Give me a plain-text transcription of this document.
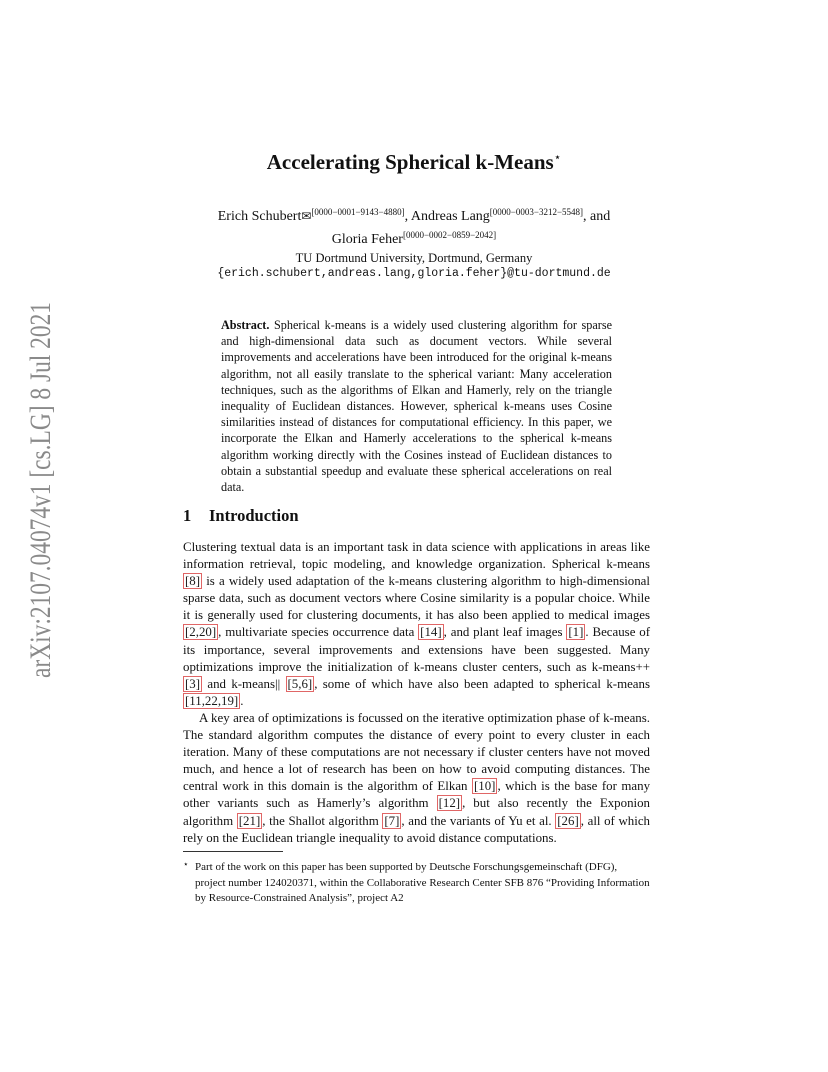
arXiv:2107.04074v1 [cs.LG] 8 Jul 2021
Accelerating Spherical k-Means⋆
Erich Schubert✉[0000−0001−9143−4880], Andreas Lang[0000−0003−3212−5548], and
Gloria Feher[0000−0002−0859−2042]
TU Dortmund University, Dortmund, Germany
{erich.schubert,andreas.lang,gloria.feher}@tu-dortmund.de
Abstract. Spherical k-means is a widely used clustering algorithm for sparse and high-dimensional data such as document vectors. While several improvements and accelerations have been introduced for the original k-means algorithm, not all easily translate to the spherical variant: Many acceleration techniques, such as the algorithms of Elkan and Hamerly, rely on the triangle inequality of Euclidean distances. However, spherical k-means uses Cosine similarities instead of distances for computational efficiency. In this paper, we incorporate the Elkan and Hamerly accelerations to the spherical k-means algorithm working directly with the Cosines instead of Euclidean distances to obtain a substantial speedup and evaluate these spherical accelerations on real data.
1 Introduction

Clustering textual data is an important task in data science with applications in areas like information retrieval, topic modeling, and knowledge organization. Spherical k-means [8] is a widely used adaptation of the k-means clustering algorithm to high-dimensional sparse data, such as document vectors where Cosine similarity is a popular choice. While it is generally used for clustering documents, it has also been applied to medical images [2,20] , multivariate species occurrence data [14] , and plant leaf images [1] . Because of its importance, several improvements and extensions have been suggested. Many optimizations improve the initialization of k-means cluster centers, such as k-means++ [3] and k-means|| [5,6] , some of which have also been adapted to spherical k-means [11,22,19] .

A key area of optimizations is focussed on the iterative optimization phase of k-means. The standard algorithm computes the distance of every point to every cluster in each iteration. Many of these computations are not necessary if cluster centers have not moved much, and hence a lot of research has been on how to avoid computing distances. The central work in this domain is the algorithm of Elkan [10] , which is the base for many other variants such as Hamerly’s algorithm [12] , but also recently the Exponion algorithm [21] , the Shallot algorithm [7] , and the variants of Yu et al. [26] , all of which rely on the Euclidean triangle inequality to avoid distance computations.

⋆ Part of the work on this paper has been supported by Deutsche Forschungsgemeinschaft (DFG), project number 124020371, within the Collaborative Research Center SFB 876 “Providing Information by Resource-Constrained Analysis”, project A2
